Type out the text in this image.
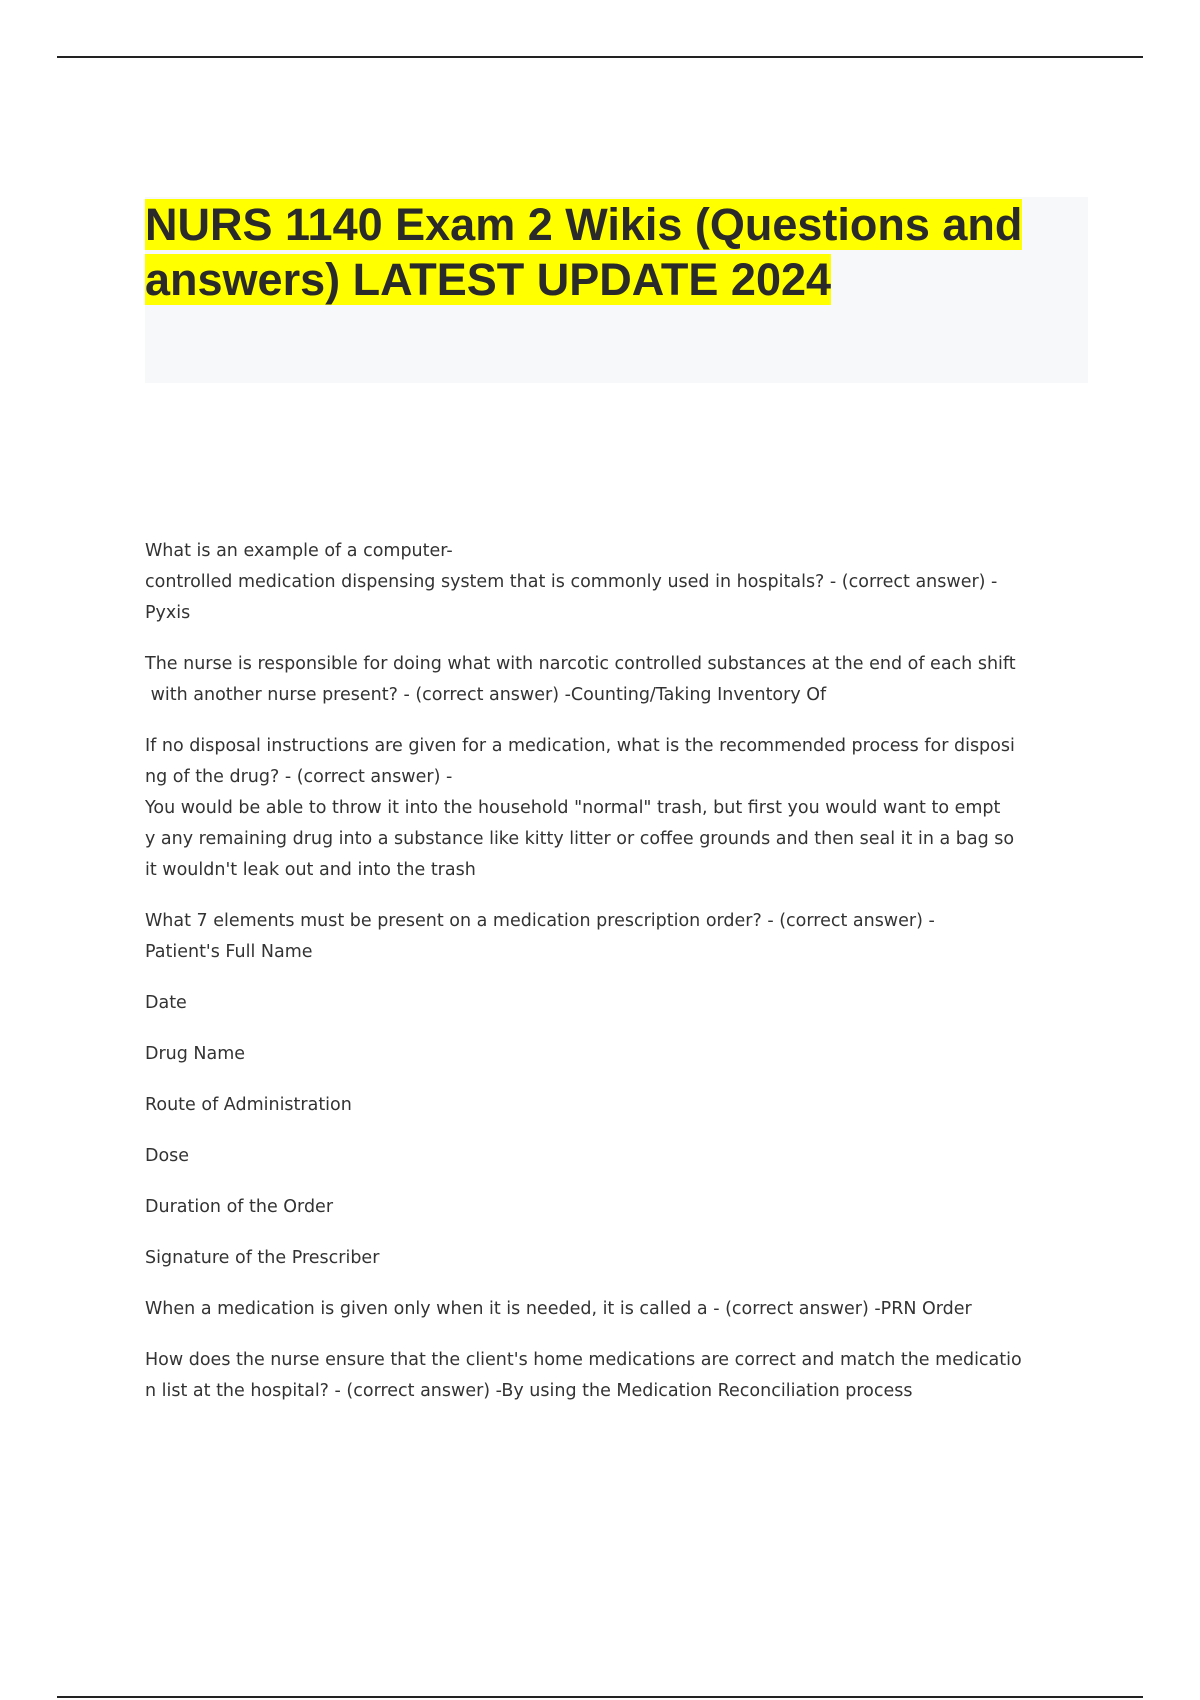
NURS 1140 Exam 2 Wikis (Questions and answers) LATEST UPDATE 2024

What is an example of a computer-
controlled medication dispensing system that is commonly used in hospitals? - (correct answer) -
Pyxis

The nurse is responsible for doing what with narcotic controlled substances at the end of each shift
with another nurse present? - (correct answer) -Counting/Taking Inventory Of

If no disposal instructions are given for a medication, what is the recommended process for disposi
ng of the drug? - (correct answer) -
You would be able to throw it into the household "normal" trash, but first you would want to empt
y any remaining drug into a substance like kitty litter or coffee grounds and then seal it in a bag so
it wouldn't leak out and into the trash

What 7 elements must be present on a medication prescription order? - (correct answer) -
Patient's Full Name

Date

Drug Name

Route of Administration

Dose

Duration of the Order

Signature of the Prescriber

When a medication is given only when it is needed, it is called a - (correct answer) -PRN Order

How does the nurse ensure that the client's home medications are correct and match the medicatio
n list at the hospital? - (correct answer) -By using the Medication Reconciliation process
